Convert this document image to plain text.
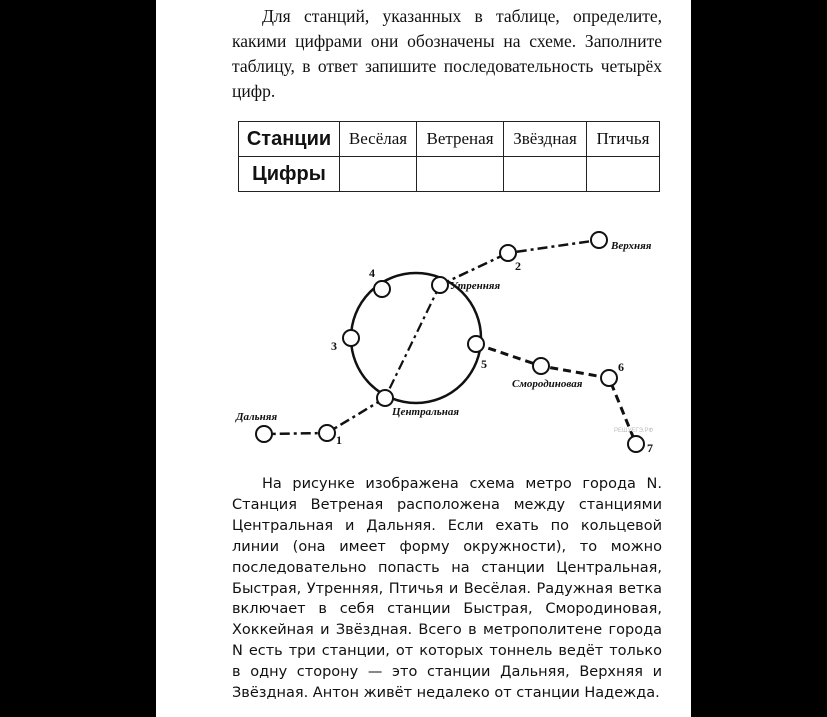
Для станций, указанных в таблице, определите, какими цифрами они обозначены на схеме. Заполните таблицу, в ответ запишите последовательность четырёх цифр.

Станции	Весёлая	Ветреная	Звёздная	Птичья
Цифры				
Утренняя
Верхняя
Смородиновая
Центральная
Дальняя
1
2
3
4
5	6
7
РЕШУЕГЭ.РФ

На рисунке изображена схема метро города N. Станция Ветреная расположена между станциями Центральная и Дальняя. Если ехать по кольцевой линии (она имеет форму окружности), то можно последовательно попасть на станции Центральная, Быстрая, Утренняя, Птичья и Весёлая. Радужная ветка включает в себя станции Быстрая, Смородиновая, Хоккейная и Звёздная. Всего в метрополитене города N есть три станции, от которых тоннель ведёт только в одну сторону — это станции Дальняя, Верхняя и Звёздная. Антон живёт недалеко от станции Надежда.
